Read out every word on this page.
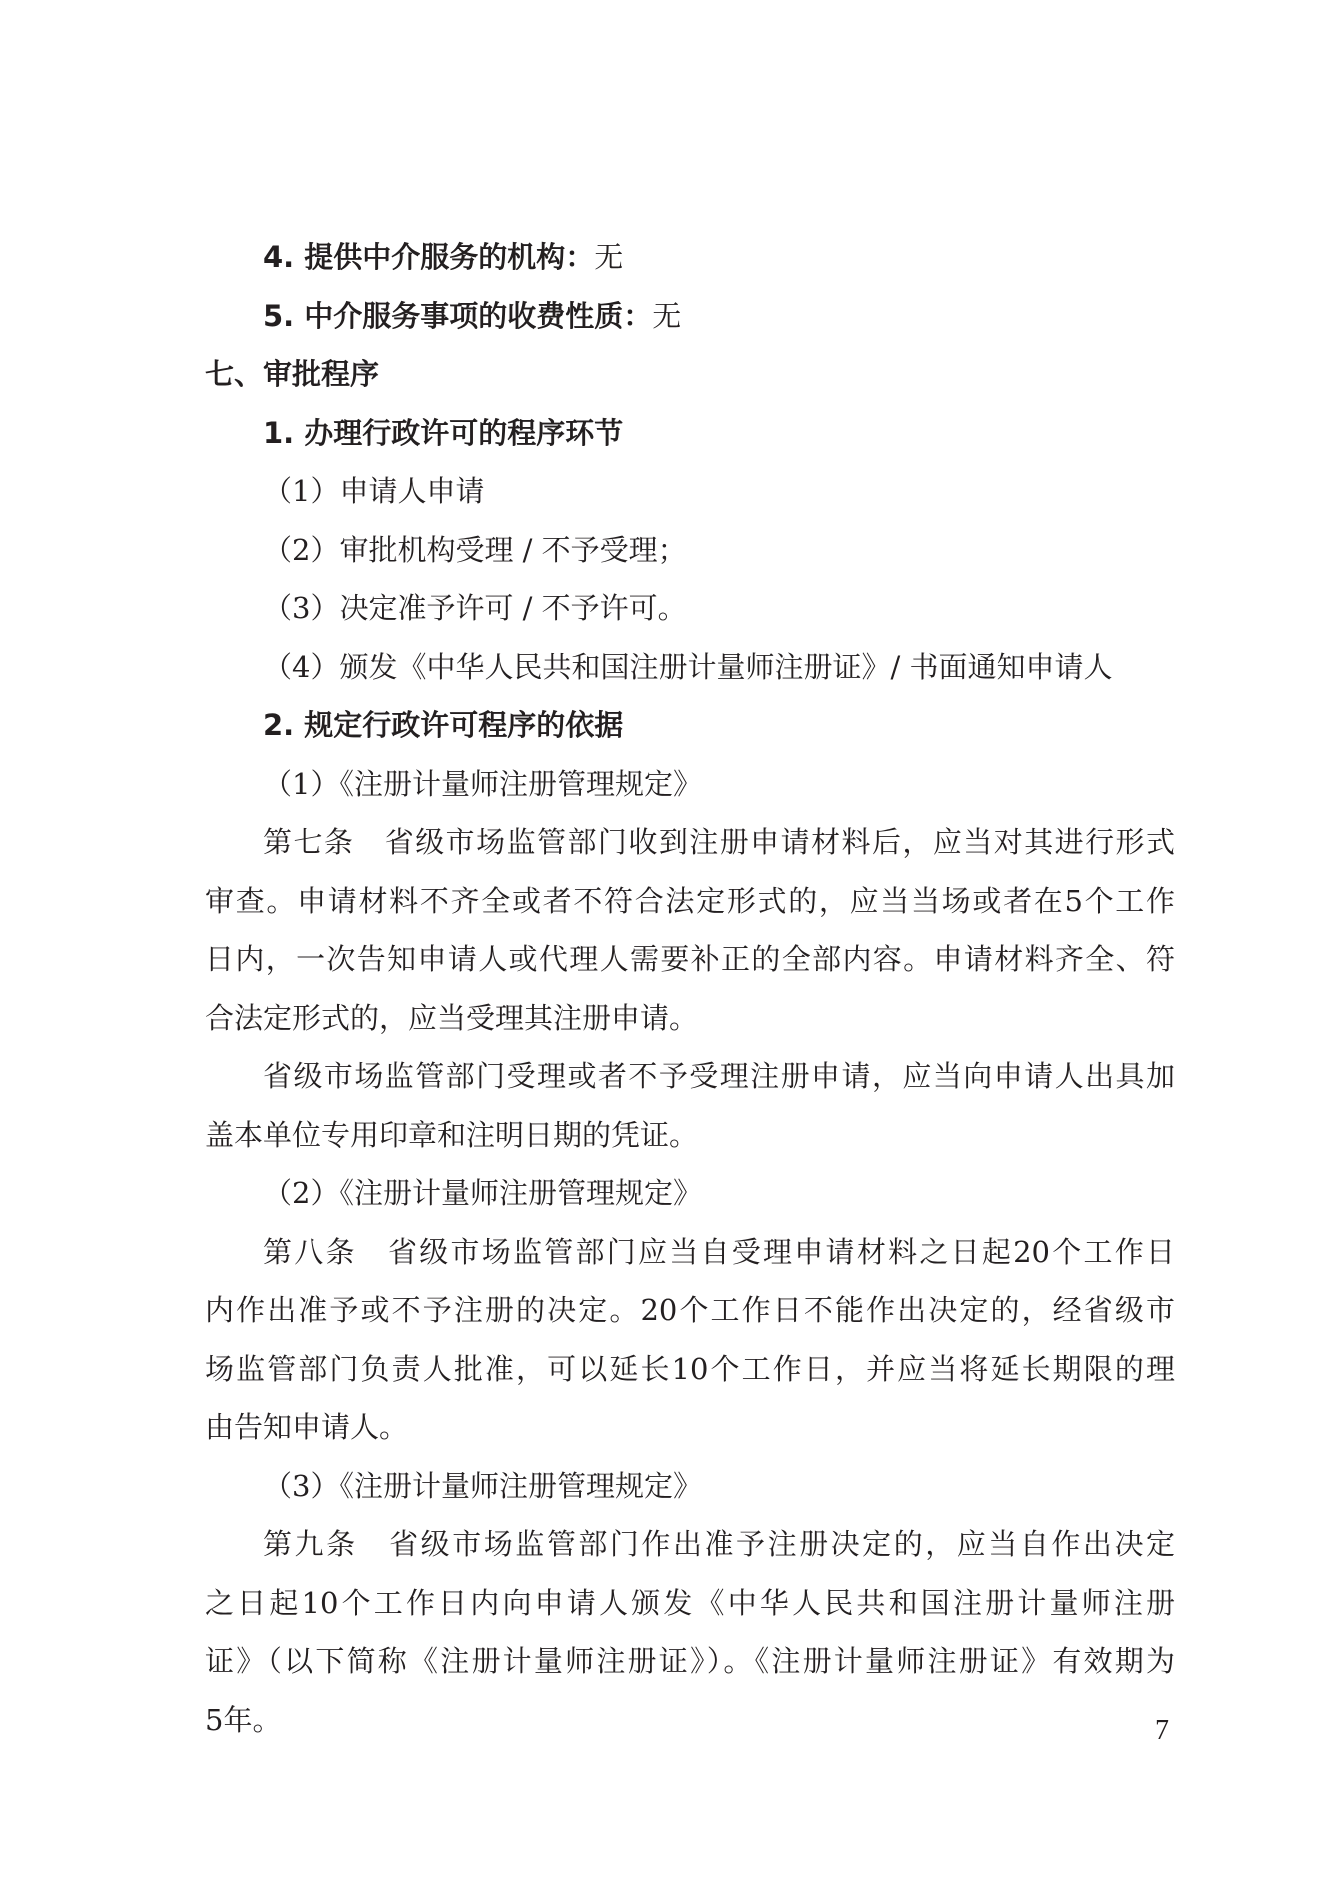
4. 提供中介服务的机构：无
5. 中介服务事项的收费性质：无
七、审批程序
1. 办理行政许可的程序环节
（1）申请人申请
（2）审批机构受理 / 不予受理；
（3）决定准予许可 / 不予许可。
（4）颁发《中华人民共和国注册计量师注册证》/ 书面通知申请人
2. 规定行政许可程序的依据
（1）《注册计量师注册管理规定》
第七条　省级市场监管部门收到注册申请材料后，应当对其进行形式
审查。申请材料不齐全或者不符合法定形式的，应当当场或者在5个工作
日内，一次告知申请人或代理人需要补正的全部内容。申请材料齐全、符
合法定形式的，应当受理其注册申请。
省级市场监管部门受理或者不予受理注册申请，应当向申请人出具加
盖本单位专用印章和注明日期的凭证。
（2）《注册计量师注册管理规定》
第八条　省级市场监管部门应当自受理申请材料之日起20个工作日
内作出准予或不予注册的决定。20个工作日不能作出决定的，经省级市
场监管部门负责人批准，可以延长10个工作日，并应当将延长期限的理
由告知申请人。
（3）《注册计量师注册管理规定》
第九条　省级市场监管部门作出准予注册决定的，应当自作出决定
之日起10个工作日内向申请人颁发《中华人民共和国注册计量师注册
证》（以下简称《注册计量师注册证》）。《注册计量师注册证》有效期为
5年。	7
